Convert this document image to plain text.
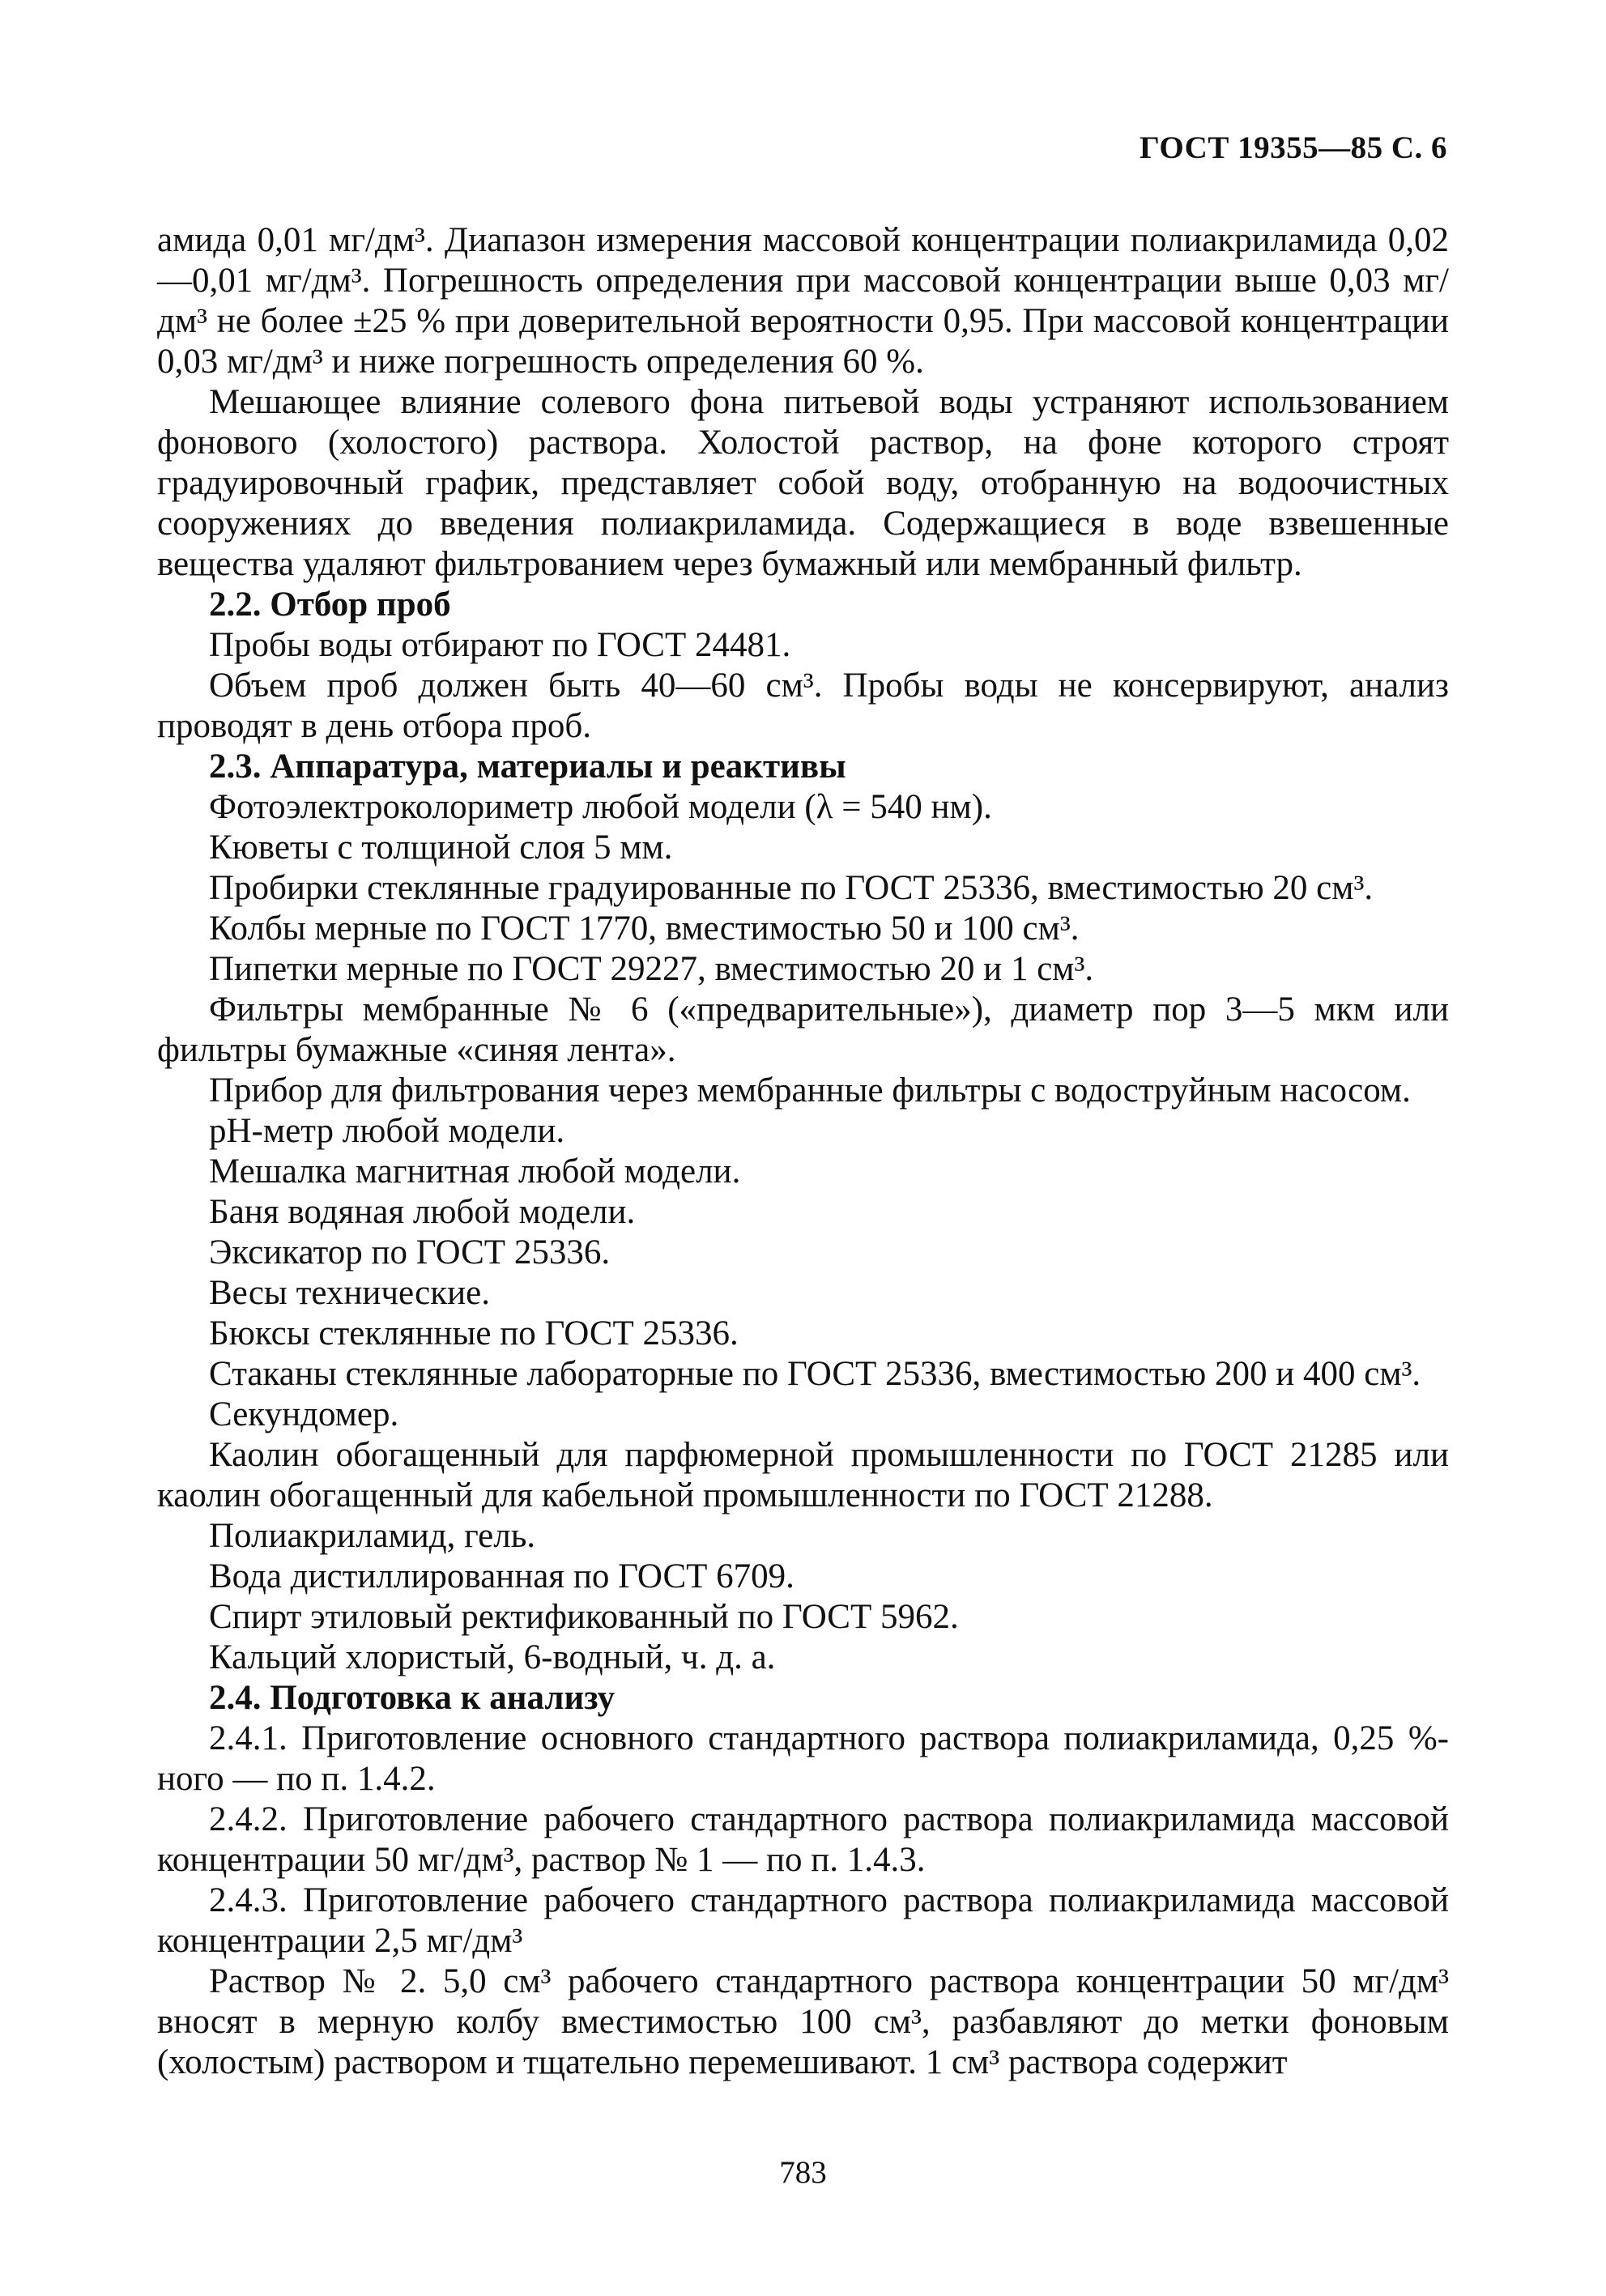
ГОСТ 19355—85 С. 6
амида 0,01 мг/дм³. Диапазон измерения массовой концентрации полиакриламида 0,02—0,01 мг/дм³. Погрешность определения при массовой концентрации выше 0,03 мг/дм³ не более ±25 % при доверительной вероятности 0,95. При массовой концентрации 0,03 мг/дм³ и ниже погрешность определения 60 %.
Мешающее влияние солевого фона питьевой воды устраняют использованием фонового (холостого) раствора. Холостой раствор, на фоне которого строят градуировочный график, представляет собой воду, отобранную на водоочистных сооружениях до введения полиакриламида. Содержащиеся в воде взвешенные вещества удаляют фильтрованием через бумажный или мембранный фильтр.
2.2. Отбор проб
Пробы воды отбирают по ГОСТ 24481.
Объем проб должен быть 40—60 см³. Пробы воды не консервируют, анализ проводят в день отбора проб.
2.3. Аппаратура, материалы и реактивы
Фотоэлектроколориметр любой модели (λ = 540 нм).
Кюветы с толщиной слоя 5 мм.
Пробирки стеклянные градуированные по ГОСТ 25336, вместимостью 20 см³.
Колбы мерные по ГОСТ 1770, вместимостью 50 и 100 см³.
Пипетки мерные по ГОСТ 29227, вместимостью 20 и 1 см³.
Фильтры мембранные № 6 («предварительные»), диаметр пор 3—5 мкм или фильтры бумажные «синяя лента».
Прибор для фильтрования через мембранные фильтры с водоструйным насосом.
pH-метр любой модели.
Мешалка магнитная любой модели.
Баня водяная любой модели.
Эксикатор по ГОСТ 25336.
Весы технические.
Бюксы стеклянные по ГОСТ 25336.
Стаканы стеклянные лабораторные по ГОСТ 25336, вместимостью 200 и 400 см³.
Секундомер.
Каолин обогащенный для парфюмерной промышленности по ГОСТ 21285 или каолин обогащенный для кабельной промышленности по ГОСТ 21288.
Полиакриламид, гель.
Вода дистиллированная по ГОСТ 6709.
Спирт этиловый ректификованный по ГОСТ 5962.
Кальций хлористый, 6-водный, ч. д. а.
2.4. Подготовка к анализу
2.4.1. Приготовление основного стандартного раствора полиакриламида, 0,25 %-ного — по п. 1.4.2.
2.4.2. Приготовление рабочего стандартного раствора полиакриламида массовой концентрации 50 мг/дм³, раствор № 1 — по п. 1.4.3.
2.4.3. Приготовление рабочего стандартного раствора полиакриламида массовой концентрации 2,5 мг/дм³
Раствор № 2. 5,0 см³ рабочего стандартного раствора концентрации 50 мг/дм³ вносят в мерную колбу вместимостью 100 см³, разбавляют до метки фоновым (холостым) раствором и тщательно перемешивают. 1 см³ раствора содержит
783
